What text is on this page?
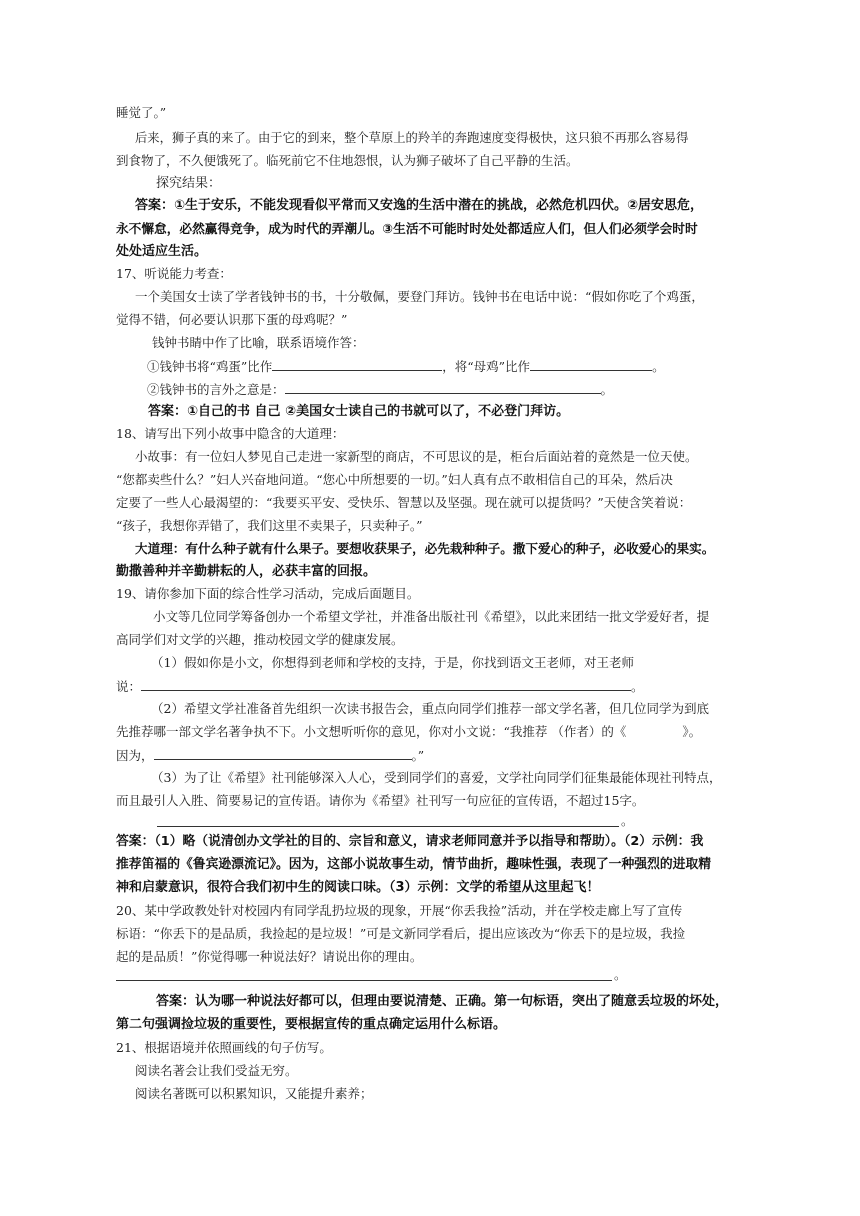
睡觉了。”
后来，狮子真的来了。由于它的到来，整个草原上的羚羊的奔跑速度变得极快，这只狼不再那么容易得
到食物了，不久便饿死了。临死前它不住地怨恨，认为狮子破坏了自己平静的生活。
探究结果：
答案：①生于安乐，不能发现看似平常而又安逸的生活中潜在的挑战，必然危机四伏。②居安思危，
永不懈怠，必然赢得竞争，成为时代的弄潮儿。③生活不可能时时处处都适应人们，但人们必须学会时时
处处适应生活。
17、听说能力考查：
一个美国女士读了学者钱钟书的书，十分敬佩，要登门拜访。钱钟书在电话中说：“假如你吃了个鸡蛋，
觉得不错，何必要认识那下蛋的母鸡呢？”
钱钟书睛中作了比喻，联系语境作答：
①钱钟书将“鸡蛋”比作	，将“母鸡”比作	。
②钱钟书的言外之意是：	。
答案：①自己的书 自己 ②美国女士读自己的书就可以了，不必登门拜访。
18、请写出下列小故事中隐含的大道理：
小故事：有一位妇人梦见自己走进一家新型的商店，不可思议的是，柜台后面站着的竟然是一位天使。
“您都卖些什么？”妇人兴奋地问道。“您心中所想要的一切。”妇人真有点不敢相信自己的耳朵，然后决
定要了一些人心最渴望的：“我要买平安、受快乐、智慧以及坚强。现在就可以提货吗？”天使含笑着说：
“孩子，我想你弄错了，我们这里不卖果子，只卖种子。”
大道理：有什么种子就有什么果子。要想收获果子，必先栽种种子。撒下爱心的种子，必收爱心的果实。
勤撒善种并辛勤耕耘的人，必获丰富的回报。
19、请你参加下面的综合性学习活动，完成后面题目。
小文等几位同学筹备创办一个希望文学社，并准备出版社刊《希望》，以此来团结一批文学爱好者，提
高同学们对文学的兴趣，推动校园文学的健康发展。
（1）假如你是小文，你想得到老师和学校的支持，于是，你找到语文王老师，对王老师
说：	。
（2）希望文学社准备首先组织一次读书报告会，重点向同学们推荐一部文学名著，但几位同学为到底
先推荐哪一部文学名著争执不下。小文想听听你的意见，你对小文说：“我推荐 （作者）的《	》。
因为，	。”
（3）为了让《希望》社刊能够深入人心，受到同学们的喜爱，文学社向同学们征集最能体现社刊特点，
而且最引人入胜、简要易记的宣传语。请你为《希望》社刊写一句应征的宣传语，不超过15字。
。
答案：（1）略（说清创办文学社的目的、宗旨和意义，请求老师同意并予以指导和帮助）。（2）示例：我
推荐笛福的《鲁宾逊漂流记》。因为，这部小说故事生动，情节曲折，趣味性强，表现了一种强烈的进取精
神和启蒙意识，很符合我们初中生的阅读口味。（3）示例：文学的希望从这里起飞！
20、某中学政教处针对校园内有同学乱扔垃圾的现象，开展“你丢我捡”活动，并在学校走廊上写了宣传
标语：“你丢下的是品质，我捡起的是垃圾！”可是文新同学看后，提出应该改为“你丢下的是垃圾，我捡
起的是品质！”你觉得哪一种说法好？请说出你的理由。
。
答案：认为哪一种说法好都可以，但理由要说清楚、正确。第一句标语，突出了随意丢垃圾的坏处，
第二句强调捡垃圾的重要性，要根据宣传的重点确定运用什么标语。
21、根据语境并依照画线的句子仿写。
阅读名著会让我们受益无穷。
阅读名著既可以积累知识，又能提升素养；
